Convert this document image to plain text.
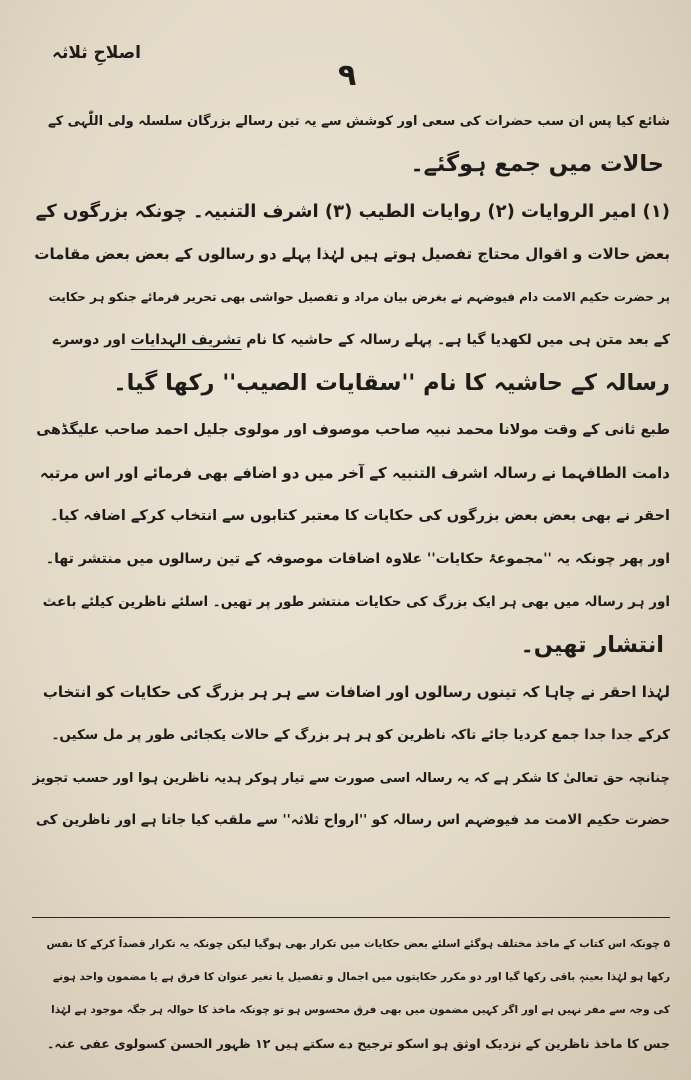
اصلاحِ ثلاثہ
۹
شائع کیا پس ان سب حضرات کی سعی اور کوشش سے یہ تین رسالے بزرگان سلسلہ ولی اللّٰہی کے
حالات میں جمع ہوگئے۔
(۱) امیر الروایات (۲) روایات الطیب (۳) اشرف التنبیہ۔ چونکہ بزرگوں کے
بعض حالات و اقوال محتاج تفصیل ہوتے ہیں لہٰذا پہلے دو رسالوں کے بعض بعض مقامات
پر حضرت حکیم الامت دام فیوضہم نے بغرض بیان مراد و تفصیل حواشی بھی تحریر فرمائے جنکو ہر حکایت
کے بعد متن ہی میں لکھدیا گیا ہے۔ پہلے رسالہ کے حاشیہ کا نام تشریف الہدایات اور دوسرے
رسالہ کے حاشیہ کا نام ''سقایات الصیب'' رکھا گیا۔
طبع ثانی کے وقت مولانا محمد نبیہ صاحب موصوف اور مولوی جلیل احمد صاحب علیگڈھی
دامت الطافہما نے رسالہ اشرف التنبیہ کے آخر میں دو اضافے بھی فرمائے اور اس مرتبہ
احقر نے بھی بعض بعض بزرگوں کی حکایات کا معتبر کتابوں سے انتخاب کرکے اضافہ کیا۔
اور پھر چونکہ یہ ''مجموعۂ حکایات'' علاوہ اضافات موصوفہ کے تین رسالوں میں منتشر تھا۔
اور ہر رسالہ میں بھی ہر ایک بزرگ کی حکایات منتشر طور پر تھیں۔ اسلئے ناظرین کیلئے باعث
انتشار تھیں۔
لہٰذا احقر نے چاہا کہ تینوں رسالوں اور اضافات سے ہر ہر بزرگ کی حکایات کو انتخاب
کرکے جدا جدا جمع کردیا جائے تاکہ ناظرین کو ہر ہر بزرگ کے حالات یکجائی طور پر مل سکیں۔
چنانچہ حق تعالیٰ کا شکر ہے کہ یہ رسالہ اسی صورت سے تیار ہوکر ہدیہ ناظرین ہوا اور حسب تجویز
حضرت حکیم الامت مد فیوضہم اس رسالہ کو ''ارواح ثلاثہ'' سے ملقب کیا جاتا ہے اور ناظرین کی
۵ چونکہ اس کتاب کے ماخذ مختلف ہوگئے اسلئے بعض حکایات میں تکرار بھی ہوگیا لیکن چونکہ یہ تکرار قصداً کرکے کا نفس
رکھا ہو لہٰذا بعینہٖ باقی رکھا گیا اور دو مکرر حکایتوں میں اجمال و تفصیل یا تغیر عنوان کا فرق ہے یا مضمون واحد ہونے
کی وجہ سے مفر نہیں ہے اور اگر کہیں مضمون میں بھی فرق محسوس ہو تو چونکہ ماخذ کا حوالہ ہر جگہ موجود ہے لہٰذا
جس کا ماخذ ناظرین کے نزدیک اوثق ہو اسکو ترجیح دے سکتے ہیں ۱۲ ظہور الحسن کسولوی عفی عنہ۔
